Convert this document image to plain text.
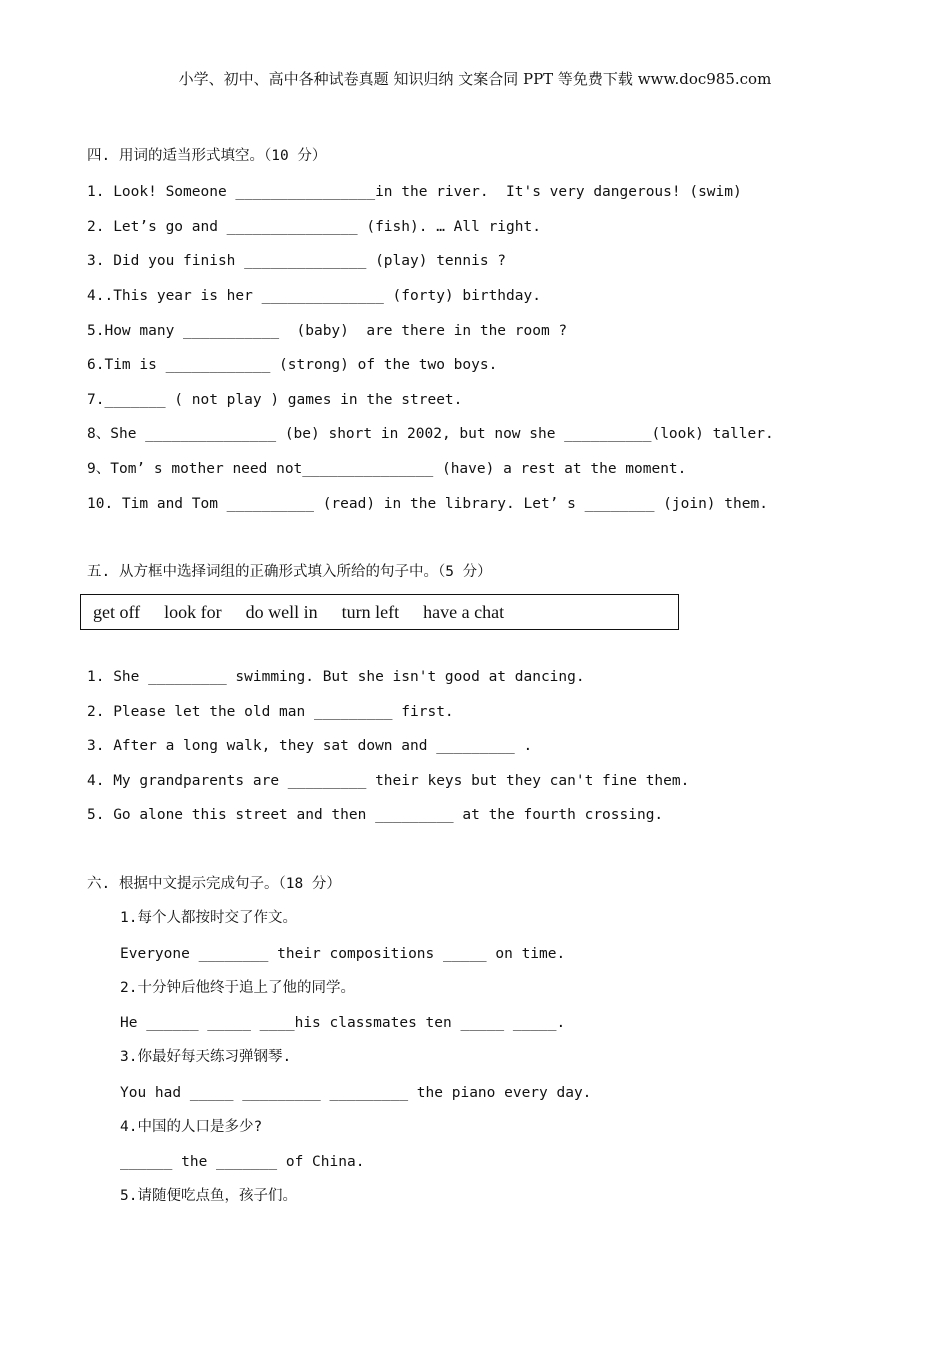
小学、初中、高中各种试卷真题 知识归纳 文案合同 PPT 等免费下载 www.doc985.com
四. 用词的适当形式填空。（10 分）
1. Look! Someone ________________in the river.  It's very dangerous! (swim)
2. Let’s go and _______________ (fish). … All right.
3. Did you finish ______________ (play) tennis ?
4..This year is her ______________ (forty) birthday.
5.How many ___________  (baby)  are there in the room ?
6.Tim is ____________ (strong) of the two boys.
7._______ ( not play ) games in the street.
8、She _______________ (be) short in 2002, but now she __________(look) taller.
9、Tom’ s mother need not_______________ (have) a rest at the moment.
10. Tim and Tom __________ (read) in the library. Let’ s ________ (join) them.
五. 从方框中选择词组的正确形式填入所给的句子中。（5 分）
get off look for do well in turn left have a chat
1. She _________ swimming. But she isn't good at dancing.
2. Please let the old man _________ first.
3. After a long walk, they sat down and _________ .
4. My grandparents are _________ their keys but they can't fine them.
5. Go alone this street and then _________ at the fourth crossing.
六. 根据中文提示完成句子。（18 分）
1.每个人都按时交了作文。
Everyone ________ their compositions _____ on time.
2.十分钟后他终于追上了他的同学。
He ______ _____ ____his classmates ten _____ _____.
3.你最好每天练习弹钢琴.
You had _____ _________ _________ the piano every day.
4.中国的人口是多少?
______ the _______ of China.
5.请随便吃点鱼，孩子们。
